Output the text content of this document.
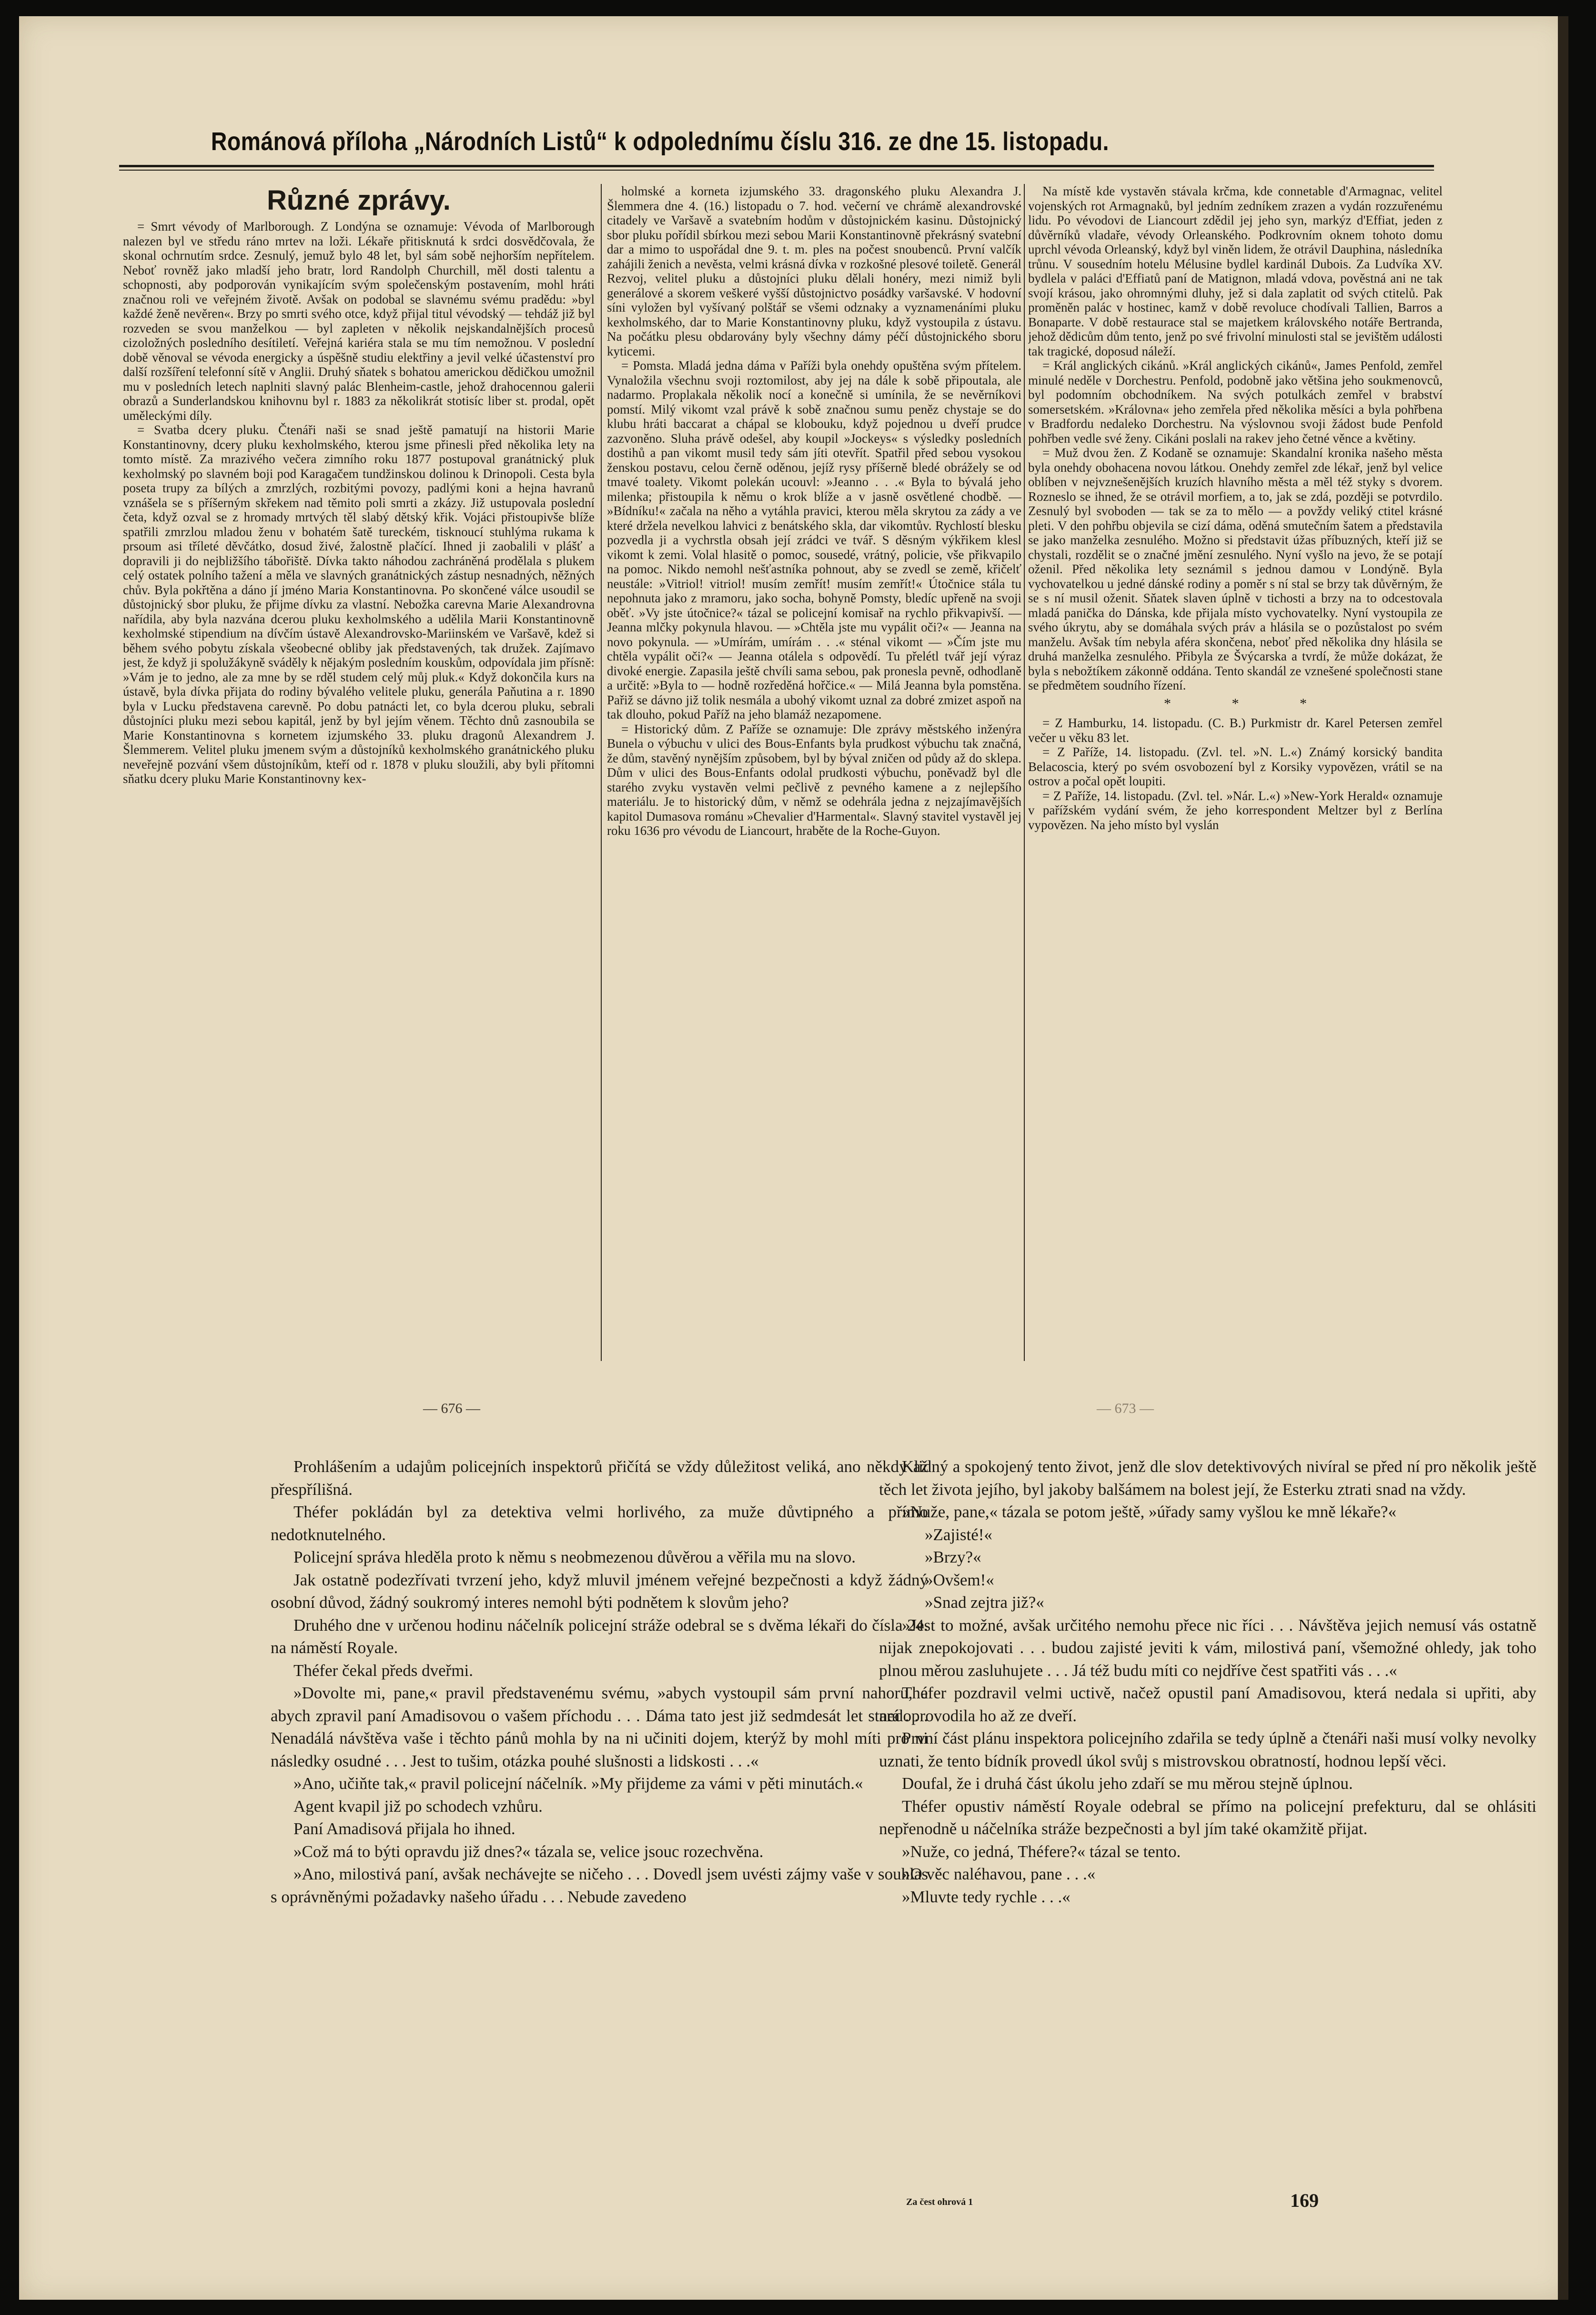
Románová příloha „Národních Listů“ k odpolednímu číslu 316. ze dne 15. listopadu.
Různé zprávy.

= Smrt vévody of Marlborough. Z Londýna se oznamuje: Vévoda of Marlborough nalezen byl ve středu ráno mrtev na loži. Lékaře přitisknutá k srdci dosvědčovala, že skonal ochrnutím srdce. Zesnulý, jemuž bylo 48 let, byl sám sobě nejhorším nepřítelem. Neboť rovněž jako mladší jeho bratr, lord Randolph Churchill, měl dosti talentu a schopnosti, aby podporován vynikajícím svým společenským postavením, mohl hráti značnou roli ve veřejném životě. Avšak on podobal se slavnému svému pradědu: »byl každé ženě nevěren«. Brzy po smrti svého otce, když přijal titul vévodský — tehdáž již byl rozveden se svou manželkou — byl zapleten v několik nejskandalnějších procesů cizoložných posledního desítiletí. Veřejná kariéra stala se mu tím nemožnou. V poslední době věnoval se vévoda energicky a úspěšně studiu elektřiny a jevil velké účastenství pro další rozšíření telefonní sítě v Anglii. Druhý sňatek s bohatou americkou dědičkou umožnil mu v posledních letech naplniti slavný palác Blenheim-castle, jehož drahocennou galerii obrazů a Sunderlandskou knihovnu byl r. 1883 za několikrát stotisíc liber st. prodal, opět uměleckými díly.

= Svatba dcery pluku. Čtenáři naši se snad ještě pamatují na historii Marie Konstantinovny, dcery pluku kexholmského, kterou jsme přinesli před několika lety na tomto místě. Za mrazivého večera zimního roku 1877 postupoval granátnický pluk kexholmský po slavném boji pod Karagačem tundžinskou dolinou k Drinopoli. Cesta byla poseta trupy za bílých a zmrzlých, rozbitými povozy, padlými koni a hejna havranů vznášela se s příšerným skřekem nad těmito poli smrti a zkázy. Již ustupovala poslední četa, když ozval se z hromady mrtvých těl slabý dětský křik. Vojáci přistoupivše blíže spatřili zmrzlou mladou ženu v bohatém šatě tureckém, tisknoucí stuhlýma rukama k prsoum asi tříleté děvčátko, dosud živé, žalostně plačící. Ihned ji zaobalili v plášť a dopravili ji do nejbližšího tábořiště. Dívka takto náhodou zachráněná prodělala s plukem celý ostatek polního tažení a měla ve slavných granátnických zástup nesnadných, něžných chův. Byla pokřtěna a dáno jí jméno Maria Konstantinovna. Po skončené válce usoudil se důstojnický sbor pluku, že přijme dívku za vlastní. Nebožka carevna Marie Alexandrovna nařídila, aby byla nazvána dcerou pluku kexholmského a udělila Marii Konstantinovně kexholmské stipendium na dívčím ústavě Alexandrovsko-Mariinském ve Varšavě, kdež si během svého pobytu získala všeobecné obliby jak představených, tak družek. Zajímavo jest, že když ji spolužákyně sváděly k nějakým posledním kouskům, odpovídala jim přísně: »Vám je to jedno, ale za mne by se rděl studem celý můj pluk.« Když dokončila kurs na ústavě, byla dívka přijata do rodiny bývalého velitele pluku, generála Paňutina a r. 1890 byla v Lucku představena carevně. Po dobu patnácti let, co byla dcerou pluku, sebrali důstojníci pluku mezi sebou kapitál, jenž by byl jejím věnem. Těchto dnů zasnoubila se Marie Konstantinovna s kornetem izjumského 33. pluku dragonů Alexandrem J. Šlemmerem. Velitel pluku jmenem svým a důstojníků kexholmského granátnického pluku neveřejně pozvání všem důstojníkům, kteří od r. 1878 v pluku sloužili, aby byli přítomni sňatku dcery pluku Marie Konstantinovny kex-

holmské a korneta izjumského 33. dragonského pluku Alexandra J. Šlemmera dne 4. (16.) listopadu o 7. hod. večerní ve chrámě alexandrovské citadely ve Varšavě a svatebním hodům v důstojnickém kasinu. Důstojnický sbor pluku pořídil sbírkou mezi sebou Marii Konstantinovně překrásný svatební dar a mimo to uspořádal dne 9. t. m. ples na počest snoubenců. První valčík zahájili ženich a nevěsta, velmi krásná dívka v rozkošné plesové toiletě. Generál Rezvoj, velitel pluku a důstojníci pluku dělali honéry, mezi nimiž byli generálové a skorem veškeré vyšší důstojnictvo posádky varšavské. V hodovní síni vyložen byl vyšívaný polštář se všemi odznaky a vyznamenáními pluku kexholmského, dar to Marie Konstantinovny pluku, když vystoupila z ústavu. Na počátku plesu obdarovány byly všechny dámy péčí důstojnického sboru kyticemi.

= Pomsta. Mladá jedna dáma v Paříži byla onehdy opuštěna svým přítelem. Vynaložila všechnu svoji roztomilost, aby jej na dále k sobě připoutala, ale nadarmo. Proplakala několik nocí a konečně si umínila, že se nevěrníkovi pomstí. Milý vikomt vzal právě k sobě značnou sumu peněz chystaje se do klubu hráti baccarat a chápal se klobouku, když pojednou u dveří prudce zazvoněno. Sluha právě odešel, aby koupil »Jockeys« s výsledky posledních dostihů a pan vikomt musil tedy sám jíti otevřít. Spatřil před sebou vysokou ženskou postavu, celou černě oděnou, jejíž rysy příšerně bledé obrážely se od tmavé toalety. Vikomt polekán ucouvl: »Jeanno . . .« Byla to bývalá jeho milenka; přistoupila k němu o krok blíže a v jasně osvětlené chodbě. — »Bídníku!« začala na něho a vytáhla pravici, kterou měla skrytou za zády a ve které držela nevelkou lahvici z benátského skla, dar vikomtův. Rychlostí blesku pozvedla ji a vychrstla obsah její zrádci ve tvář. S děsným výkřikem klesl vikomt k zemi. Volal hlasitě o pomoc, sousedé, vrátný, policie, vše přikvapilo na pomoc. Nikdo nemohl nešťastníka pohnout, aby se zvedl se země, křičelť neustále: »Vitriol! vitriol! musím zemřít! musím zemřít!« Útočnice stála tu nepohnuta jako z mramoru, jako socha, bohyně Pomsty, bledíc upřeně na svoji oběť. »Vy jste útočnice?« tázal se policejní komisař na rychlo přikvapivší. — Jeanna mlčky pokynula hlavou. — »Chtěla jste mu vypálit oči?« — Jeanna na novo pokynula. — »Umírám, umírám . . .« sténal vikomt — »Čím jste mu chtěla vypálit oči?« — Jeanna otálela s odpovědí. Tu přelétl tvář její výraz divoké energie. Zapasila ještě chvíli sama sebou, pak pronesla pevně, odhodlaně a určitě: »Byla to — hodně rozředěná hořčice.« — Milá Jeanna byla pomstěna. Pařiž se dávno již tolik nesmála a ubohý vikomt uznal za dobré zmizet aspoň na tak dlouho, pokud Paříž na jeho blamáž nezapomene.

= Historický dům. Z Paříže se oznamuje: Dle zprávy městského inženýra Bunela o výbuchu v ulici des Bous-Enfants byla prudkost výbuchu tak značná, že dům, stavěný nynějším způsobem, byl by býval zničen od půdy až do sklepa. Dům v ulici des Bous-Enfants odolal prudkosti výbuchu, poněvadž byl dle starého zvyku vystavěn velmi pečlivě z pevného kamene a z nejlepšího materiálu. Je to historický dům, v němž se odehrála jedna z nejzajímavějších kapitol Dumasova románu »Chevalier d'Harmental«. Slavný stavitel vystavěl jej roku 1636 pro vévodu de Liancourt, hraběte de la Roche-Guyon.

Na místě kde vystavěn stávala krčma, kde connetable d'Armagnac, velitel vojenských rot Armagnaků, byl jedním zedníkem zrazen a vydán rozzuřenému lidu. Po vévodovi de Liancourt zdědil jej jeho syn, markýz d'Effiat, jeden z důvěrníků vladaře, vévody Orleanského. Podkrovním oknem tohoto domu uprchl vévoda Orleanský, když byl viněn lidem, že otrávil Dauphina, následníka trůnu. V sousedním hotelu Mélusine bydlel kardinál Dubois. Za Ludvíka XV. bydlela v paláci d'Effiatů paní de Matignon, mladá vdova, pověstná ani ne tak svojí krásou, jako ohromnými dluhy, jež si dala zaplatit od svých ctitelů. Pak proměněn palác v hostinec, kamž v době revoluce chodívali Tallien, Barros a Bonaparte. V době restaurace stal se majetkem královského notáře Bertranda, jehož dědicům dům tento, jenž po své frivolní minulosti stal se jevištěm události tak tragické, doposud náleží.

= Král anglických cikánů. »Král anglických cikánů«, James Penfold, zemřel minulé neděle v Dorchestru. Penfold, podobně jako většina jeho soukmenovců, byl podomním obchodníkem. Na svých potulkách zemřel v brabství somersetském. »Královna« jeho zemřela před několika měsíci a byla pohřbena v Bradfordu nedaleko Dorchestru. Na výslovnou svoji žádost bude Penfold pohřben vedle své ženy. Cikáni poslali na rakev jeho četné věnce a květiny.

= Muž dvou žen. Z Kodaně se oznamuje: Skandalní kronika našeho města byla onehdy obohacena novou látkou. Onehdy zemřel zde lékař, jenž byl velice oblíben v nejvznešenějších kruzích hlavního města a měl též styky s dvorem. Rozneslo se ihned, že se otrávil morfiem, a to, jak se zdá, později se potvrdilo. Zesnulý byl svoboden — tak se za to mělo — a povždy veliký ctitel krásné pleti. V den pohřbu objevila se cizí dáma, oděná smutečním šatem a představila se jako manželka zesnulého. Možno si představit úžas příbuzných, kteří již se chystali, rozdělit se o značné jmění zesnulého. Nyní vyšlo na jevo, že se potají oženil. Před několika lety seznámil s jednou damou v Londýně. Byla vychovatelkou u jedné dánské rodiny a poměr s ní stal se brzy tak důvěrným, že se s ní musil oženit. Sňatek slaven úplně v tichosti a brzy na to odcestovala mladá panička do Dánska, kde přijala místo vychovatelky. Nyní vystoupila ze svého úkrytu, aby se domáhala svých práv a hlásila se o pozůstalost po svém manželu. Avšak tím nebyla aféra skončena, neboť před několika dny hlásila se druhá manželka zesnulého. Přibyla ze Švýcarska a tvrdí, že může dokázat, že byla s nebožtíkem zákonně oddána. Tento skandál ze vznešené společnosti stane se předmětem soudního řízení.

* * *

= Z Hamburku, 14. listopadu. (C. B.) Purkmistr dr. Karel Petersen zemřel večer u věku 83 let.

= Z Paříže, 14. listopadu. (Zvl. tel. »N. L.«) Známý korsický bandita Belacoscia, který po svém osvobození byl z Korsiky vypovězen, vrátil se na ostrov a počal opět loupiti.

= Z Paříže, 14. listopadu. (Zvl. tel. »Nár. L.«) »New-York Herald« oznamuje v pařížském vydání svém, že jeho korrespondent Meltzer byl z Berlína vypovězen. Na jeho místo byl vyslán

— 676 —	— 673 —

Prohlášením a udajům policejních inspektorů přičítá se vždy důležitost veliká, ano někdy až přespřílišná.

Théfer pokládán byl za detektiva velmi horlivého, za muže důvtipného a přímo nedotknutelného.

Policejní správa hleděla proto k němu s neobmezenou důvěrou a věřila mu na slovo.

Jak ostatně podezřívati tvrzení jeho, když mluvil jménem veřejné bezpečnosti a když žádný osobní důvod, žádný soukromý interes nemohl býti podnětem k slovům jeho?

Druhého dne v určenou hodinu náčelník policejní stráže odebral se s dvěma lékaři do čísla 24. na náměstí Royale.

Théfer čekal předs dveřmi.

»Dovolte mi, pane,« pravil představenému svému, »abych vystoupil sám první nahoru, a abych zpravil paní Amadisovou o vašem příchodu . . . Dáma tato jest již sedmdesát let stará . . . Nenadálá návštěva vaše i těchto pánů mohla by na ni učiniti dojem, kterýž by mohl míti pro ni následky osudné . . . Jest to tušim, otázka pouhé slušnosti a lidskosti . . .«

»Ano, učiňte tak,« pravil policejní náčelník. »My přijdeme za vámi v pěti minutách.«

Agent kvapil již po schodech vzhůru.

Paní Amadisová přijala ho ihned.

»Což má to býti opravdu již dnes?« tázala se, velice jsouc rozechvěna.

»Ano, milostivá paní, avšak nechávejte se ničeho . . . Dovedl jsem uvésti zájmy vaše v souhlas s oprávněnými požadavky našeho úřadu . . . Nebude zavedeno

Klidný a spokojený tento život, jenž dle slov detektivových nivíral se před ní pro několik ještě těch let života jejího, byl jakoby balšámem na bolest její, že Esterku ztrati snad na vždy.

»Nuže, pane,« tázala se potom ještě, »úřady samy vyšlou ke mně lékaře?«

»Zajisté!«

»Brzy?«

»Ovšem!«

»Snad zejtra již?«

»Jest to možné, avšak určitého nemohu přece nic říci . . . Návštěva jejich nemusí vás ostatně nijak znepokojovati . . . budou zajisté jeviti k vám, milostivá paní, všemožné ohledy, jak toho plnou měrou zasluhujete . . . Já též budu míti co nejdříve čest spatřiti vás . . .«

Théfer pozdravil velmi uctivě, načež opustil paní Amadisovou, která nedala si upřiti, aby nedoprovodila ho až ze dveří.

První část plánu inspektora policejního zdařila se tedy úplně a čtenáři naši musí volky nevolky uznati, že tento bídník provedl úkol svůj s mistrovskou obratností, hodnou lepší věci.

Doufal, že i druhá část úkolu jeho zdaří se mu měrou stejně úplnou.

Théfer opustiv náměstí Royale odebral se přímo na policejní prefekturu, dal se ohlásiti nepřenodně u náčelníka stráže bezpečnosti a byl jím také okamžitě přijat.

»Nuže, co jedná, Théfere?« tázal se tento.

»O věc naléhavou, pane . . .«

»Mluvte tedy rychle . . .«

Za čest ohrová 1	169
